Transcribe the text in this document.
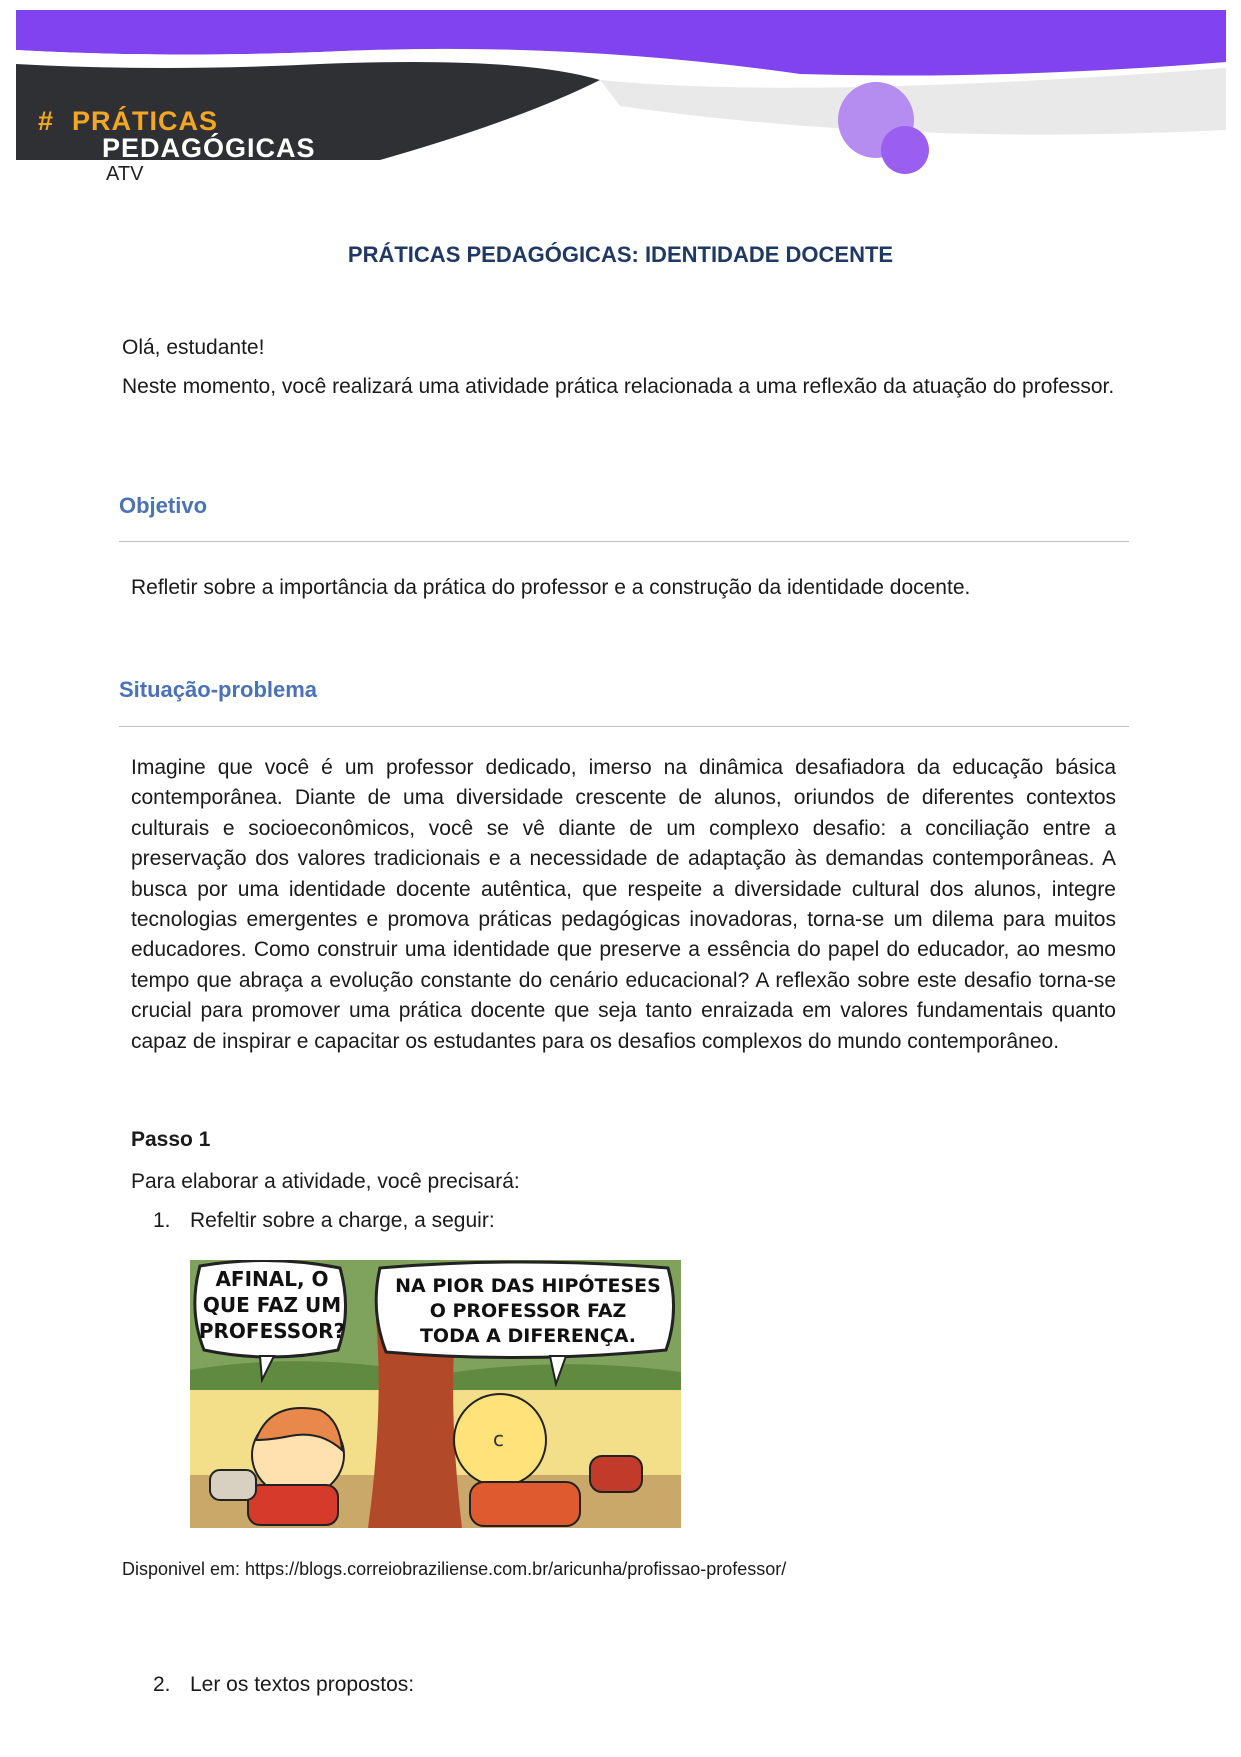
# PRÁTICAS
PEDAGÓGICAS
ATV
PRÁTICAS PEDAGÓGICAS: IDENTIDADE DOCENTE
Olá, estudante!
Neste momento, você realizará uma atividade prática relacionada a uma reflexão da atuação do professor.
Objetivo
Refletir sobre a importância da prática do professor e a construção da identidade docente.
Situação-problema
Imagine que você é um professor dedicado, imerso na dinâmica desafiadora da educação básica contemporânea. Diante de uma diversidade crescente de alunos, oriundos de diferentes contextos culturais e socioeconômicos, você se vê diante de um complexo desafio: a conciliação entre a preservação dos valores tradicionais e a necessidade de adaptação às demandas contemporâneas. A busca por uma identidade docente autêntica, que respeite a diversidade cultural dos alunos, integre tecnologias emergentes e promova práticas pedagógicas inovadoras, torna-se um dilema para muitos educadores. Como construir uma identidade que preserve a essência do papel do educador, ao mesmo tempo que abraça a evolução constante do cenário educacional? A reflexão sobre este desafio torna-se crucial para promover uma prática docente que seja tanto enraizada em valores fundamentais quanto capaz de inspirar e capacitar os estudantes para os desafios complexos do mundo contemporâneo.
Passo 1
Para elaborar a atividade, você precisará:
1. Refeltir sobre a charge, a seguir:
AFINAL, O
QUE FAZ UM
PROFESSOR?
NA PIOR DAS HIPÓTESES
O PROFESSOR FAZ
TODA A DIFERENÇA.
c
Disponivel em: https://blogs.correiobraziliense.com.br/aricunha/profissao-professor/
2. Ler os textos propostos:
